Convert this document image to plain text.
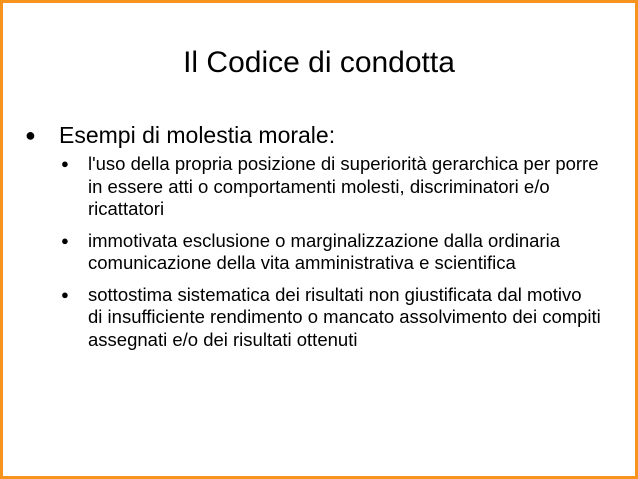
Il Codice di condotta
● Esempi di molestia morale:
● l'uso della propria posizione di superiorità gerarchica per porre in essere atti o comportamenti molesti, discriminatori e/o ricattatori
● immotivata esclusione o marginalizzazione dalla ordinaria comunicazione della vita amministrativa e scientifica
● sottostima sistematica dei risultati non giustificata dal motivo di insufficiente rendimento o mancato assolvimento dei compiti assegnati e/o dei risultati ottenuti
